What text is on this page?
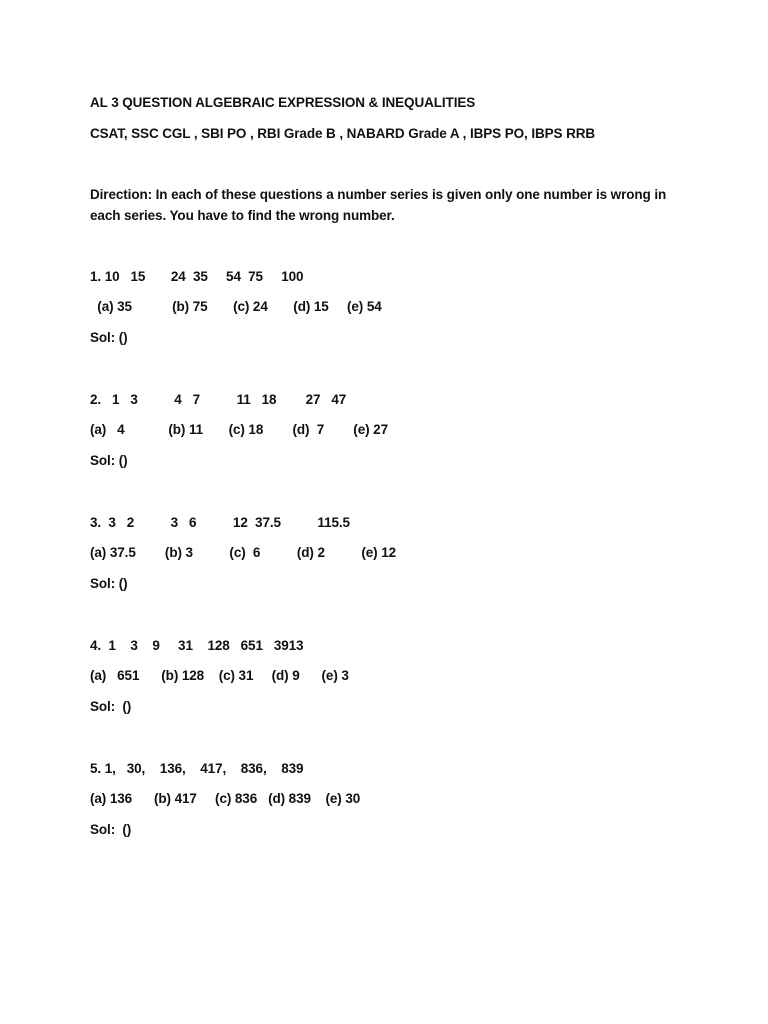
AL 3 QUESTION ALGEBRAIC EXPRESSION & INEQUALITIES
CSAT, SSC CGL , SBI PO , RBI Grade B , NABARD Grade A , IBPS PO, IBPS RRB
Direction: In each of these questions a number series is given only one number is wrong in each series. You have to find the wrong number.
1. 10   15       24  35     54  75     100
(a) 35           (b) 75       (c) 24       (d) 15     (e) 54
Sol: ()
2.   1   3          4   7          11   18        27   47
(a)   4            (b) 11       (c) 18        (d)  7        (e) 27
Sol: ()
3.  3   2          3   6          12  37.5          115.5
(a) 37.5        (b) 3          (c)  6          (d) 2          (e) 12
Sol: ()
4.  1    3    9     31    128   651   3913
(a)   651      (b) 128    (c) 31     (d) 9      (e) 3
Sol:  ()
5. 1,   30,    136,    417,    836,    839
(a) 136      (b) 417     (c) 836   (d) 839    (e) 30
Sol:  ()
